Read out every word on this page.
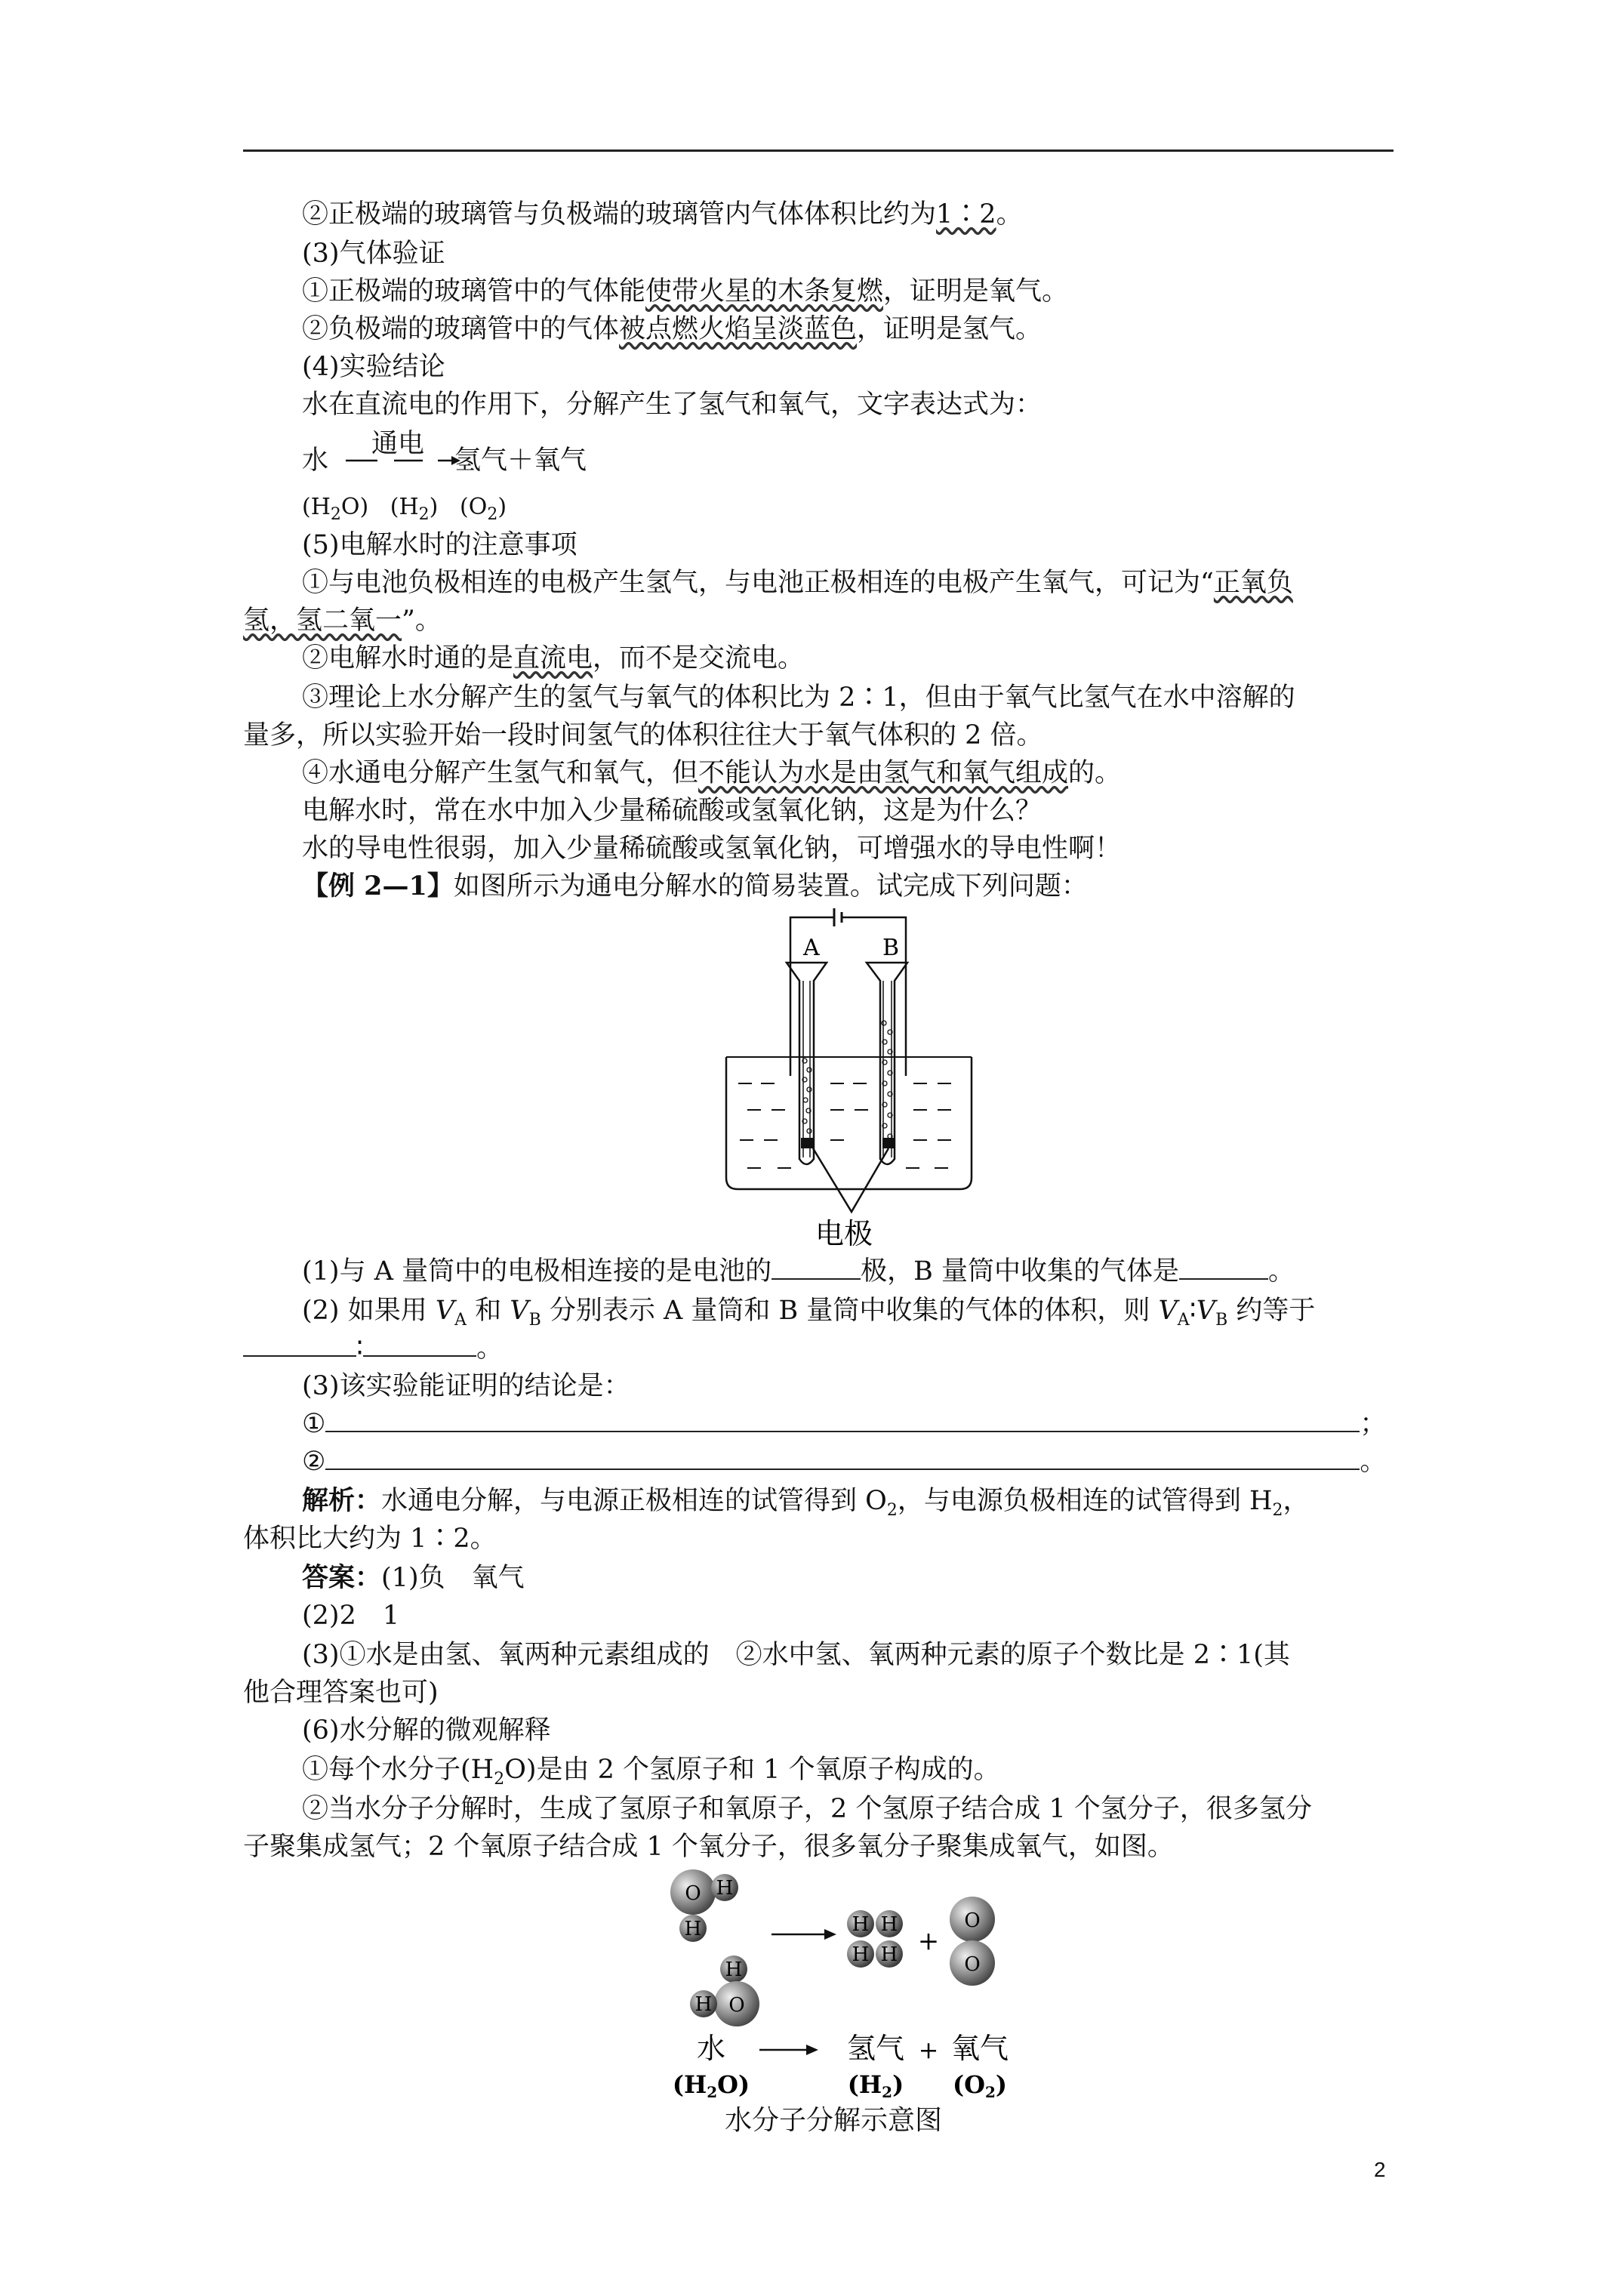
②正极端的玻璃管与负极端的玻璃管内气体体积比约为1∶2。
(3)气体验证
①正极端的玻璃管中的气体能使带火星的木条复燃，证明是氧气。
②负极端的玻璃管中的气体被点燃火焰呈淡蓝色，证明是氢气。
(4)实验结论
水在直流电的作用下，分解产生了氢气和氧气，文字表达式为：
水
通电
氢气＋氧气
$(H_2O)$ $(H_2)$ $(O_2)$
(5)电解水时的注意事项
①与电池负极相连的电极产生氢气，与电池正极相连的电极产生氧气，可记为“正氧负
氢，氢二氧一”。
②电解水时通的是直流电，而不是交流电。
③理论上水分解产生的氢气与氧气的体积比为 2∶1，但由于氧气比氢气在水中溶解的
量多，所以实验开始一段时间氢气的体积往往大于氧气体积的 2 倍。
④水通电分解产生氢气和氧气，但不能认为水是由氢气和氧气组成的。
电解水时，常在水中加入少量稀硫酸或氢氧化钠，这是为什么？
水的导电性很弱，加入少量稀硫酸或氢氧化钠，可增强水的导电性啊！
【例 2—1】如图所示为通电分解水的简易装置。试完成下列问题：
A	B
电极
(1)与 A 量筒中的电极相连接的是电池的	极，B 量筒中收集的气体是	。
(2) 如果用 $V_A$ 和 $V_B$ 分别表示 A 量筒和 B 量筒中收集的气体的体积，则 $V_A∶V_B$ 约等于
∶	。
(3)该实验能证明的结论是：
①	；
②	。
解析：水通电分解，与电源正极相连的试管得到 $O_2$，与电源负极相连的试管得到 $H_2$，
体积比大约为 1∶2。
答案：(1)负　氧气
(2)2　1
(3)①水是由氢、氧两种元素组成的　②水中氢、氧两种元素的原子个数比是 2∶1(其
他合理答案也可)
(6)水分解的微观解释
①每个水分子$(H_2O)$是由 2 个氢原子和 1 个氧原子构成的。
②当水分子分解时，生成了氢原子和氧原子，2 个氢原子结合成 1 个氢分子，很多氢分
子聚集成氢气；2 个氧原子结合成 1 个氧分子，很多氧分子聚集成氧气，如图。
O H
H
H
O
H
H H
H H +
O
O
水	氢气 + 氧气
(H2O)	(H2) (O2)
水分子分解示意图
2
